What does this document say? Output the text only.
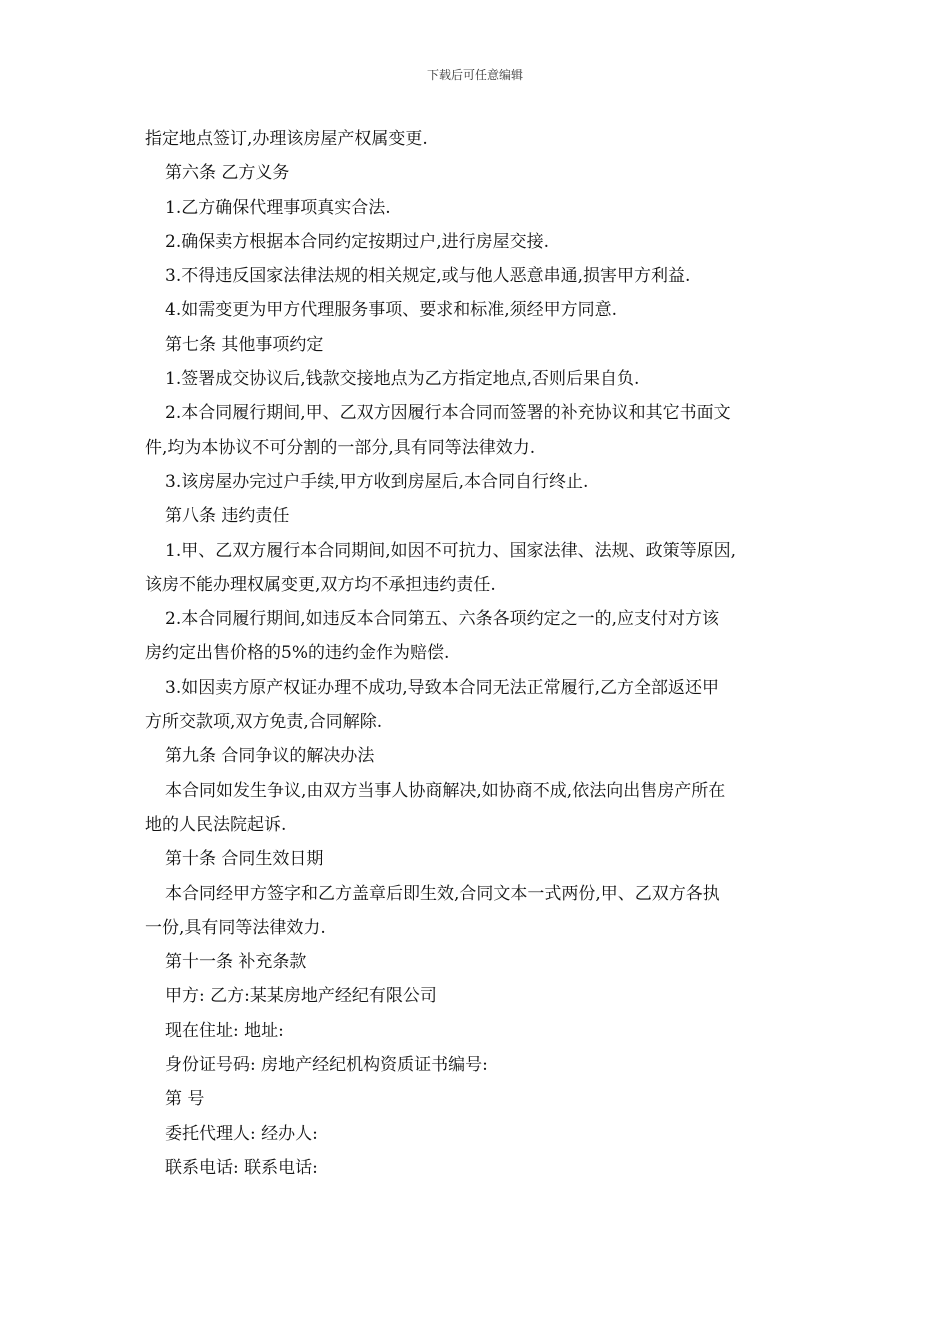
下载后可任意编辑
指定地点签订,办理该房屋产权属变更.
第六条 乙方义务
1.乙方确保代理事项真实合法.
2.确保卖方根据本合同约定按期过户,进行房屋交接.
3.不得违反国家法律法规的相关规定,或与他人恶意串通,损害甲方利益.
4.如需变更为甲方代理服务事项、要求和标准,须经甲方同意.
第七条 其他事项约定
1.签署成交协议后,钱款交接地点为乙方指定地点,否则后果自负.
2.本合同履行期间,甲、乙双方因履行本合同而签署的补充协议和其它书面文
件,均为本协议不可分割的一部分,具有同等法律效力.
3.该房屋办完过户手续,甲方收到房屋后,本合同自行终止.
第八条 违约责任
1.甲、乙双方履行本合同期间,如因不可抗力、国家法律、法规、政策等原因,
该房不能办理权属变更,双方均不承担违约责任.
2.本合同履行期间,如违反本合同第五、六条各项约定之一的,应支付对方该
房约定出售价格的5%的违约金作为赔偿.
3.如因卖方原产权证办理不成功,导致本合同无法正常履行,乙方全部返还甲
方所交款项,双方免责,合同解除.
第九条 合同争议的解决办法
本合同如发生争议,由双方当事人协商解决,如协商不成,依法向出售房产所在
地的人民法院起诉.
第十条 合同生效日期
本合同经甲方签字和乙方盖章后即生效,合同文本一式两份,甲、乙双方各执
一份,具有同等法律效力.
第十一条 补充条款
甲方: 乙方:某某房地产经纪有限公司
现在住址: 地址:
身份证号码: 房地产经纪机构资质证书编号:
第 号
委托代理人: 经办人:
联系电话: 联系电话:
